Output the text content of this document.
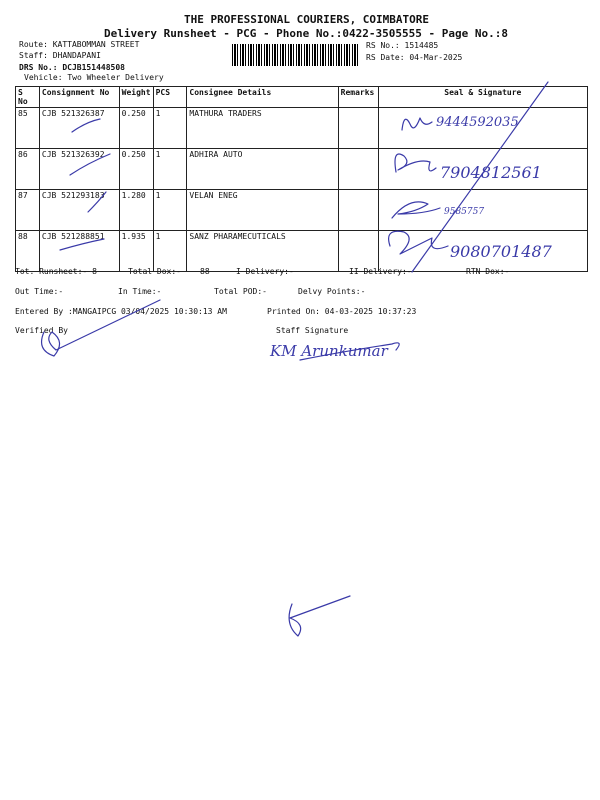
THE PROFESSIONAL COURIERS, COIMBATORE
Delivery Runsheet - PCG - Phone No.:0422-3505555 - Page No.:8
Route: KATTABOMMAN STREET
Staff: DHANDAPANI
DRS No.: DCJB151448508
Vehicle: Two Wheeler Delivery
RS No.: 1514485
RS Date: 04-Mar-2025
S No	Consignment No	Weight	PCS	Consignee Details	Remarks	Seal & Signature
85	CJB 521326387	0.250	1	MATHURA TRADERS		
86	CJB 521326392	0.250	1	ADHIRA AUTO		
87	CJB 521293183	1.280	1	VELAN ENEG		
88	CJB 521288851	1.935	1	SANZ PHARAMECUTICALS		
Tot. Runsheet:- 8	Total Dox:- 88	I Delivery:-	II Delivery:-	RTN Dox:-
Out Time:-	In Time:-	Total POD:-	Delvy Points:-
Entered By :MANGAIPCG 03/04/2025 10:30:13 AM	Printed On: 04-03-2025 10:37:23
Verified By	Staff Signature
9444592035
7904812561
9585757
9080701487
KM Arunkumar
